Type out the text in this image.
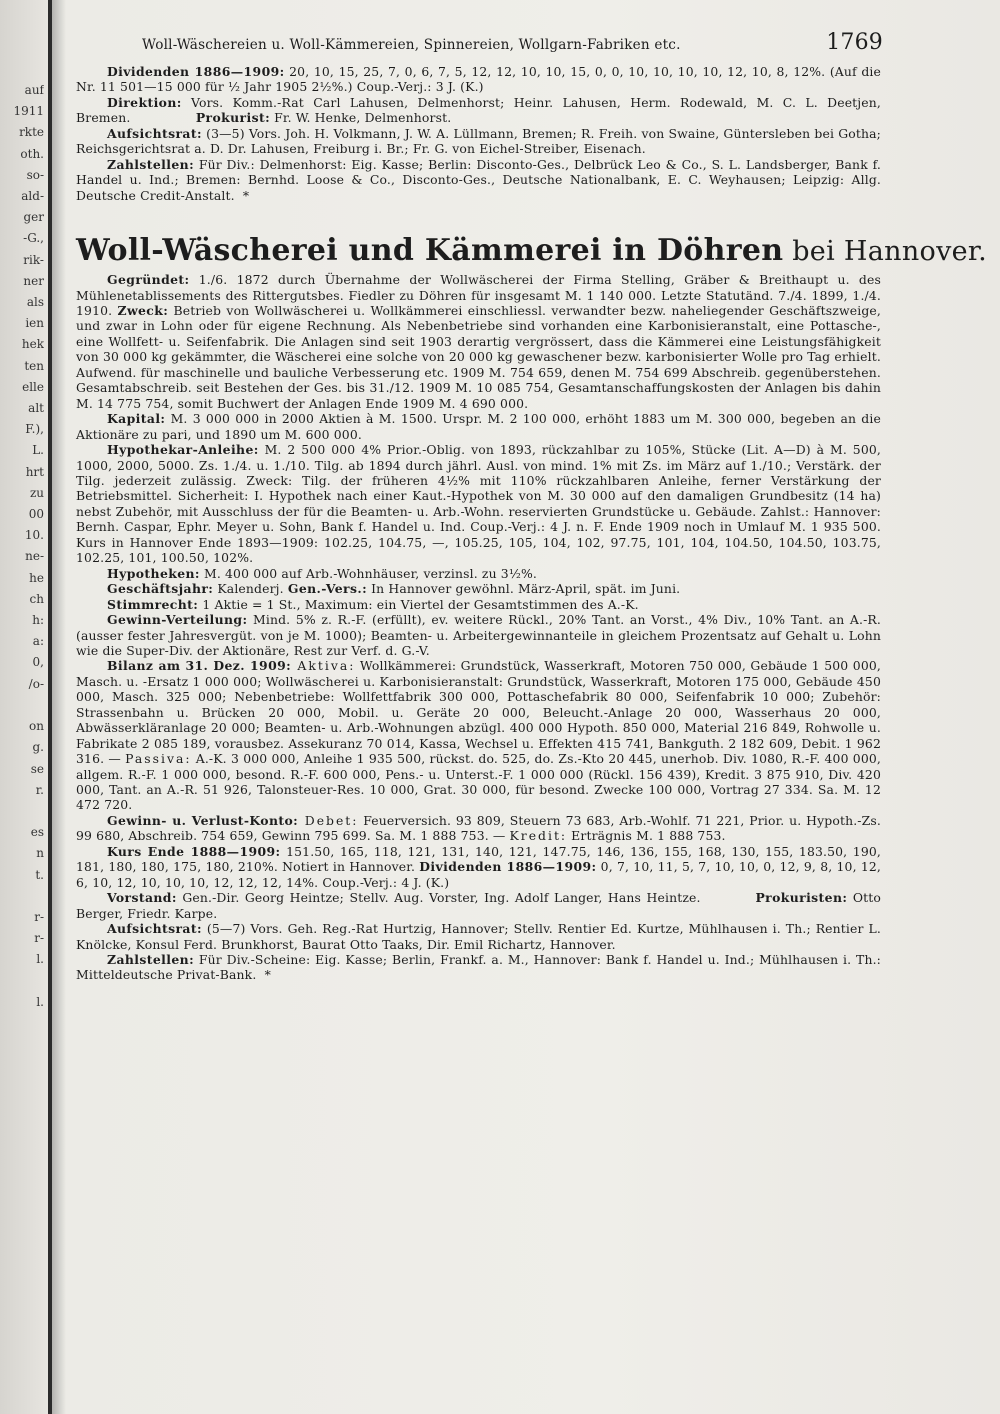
auf
1911
rkte
oth.
so-
ald-
ger
-G.,
rik-
ner
als
ien
hek
ten
elle
alt
F.),
L.
hrt
zu
00
10.
ne-
he
ch
h:
a:
0,
/o-

on
g.
se
r.

es
n
t.

r-
r-
l.

l.

Woll-Wäschereien u. Woll-Kämmereien, Spinnereien, Wollgarn-Fabriken etc.	1769

Dividenden 1886—1909: 20, 10, 15, 25, 7, 0, 6, 7, 5, 12, 12, 10, 10, 15, 0, 0, 10, 10, 10, 10, 12, 10, 8, 12%. (Auf die Nr. 11 501—15 000 für ½ Jahr 1905 2½%.) Coup.-Verj.: 3 J. (K.)

Direktion: Vors. Komm.-Rat Carl Lahusen, Delmenhorst; Heinr. Lahusen, Herm. Rodewald, M. C. L. Deetjen, Bremen.	Prokurist: Fr. W. Henke, Delmenhorst.

Aufsichtsrat: (3—5) Vors. Joh. H. Volkmann, J. W. A. Lüllmann, Bremen; R. Freih. von Swaine, Güntersleben bei Gotha; Reichsgerichtsrat a. D. Dr. Lahusen, Freiburg i. Br.; Fr. G. von Eichel-Streiber, Eisenach.

Zahlstellen: Für Div.: Delmenhorst: Eig. Kasse; Berlin: Disconto-Ges., Delbrück Leo & Co., S. L. Landsberger, Bank f. Handel u. Ind.; Bremen: Bernhd. Loose & Co., Disconto-Ges., Deutsche Nationalbank, E. C. Weyhausen; Leipzig: Allg. Deutsche Credit-Anstalt. *

Woll-Wäscherei und Kämmerei in Döhren bei Hannover.

Gegründet: 1./6. 1872 durch Übernahme der Wollwäscherei der Firma Stelling, Gräber & Breithaupt u. des Mühlenetablissements des Rittergutsbes. Fiedler zu Döhren für insgesamt M. 1 140 000. Letzte Statutänd. 7./4. 1899, 1./4. 1910. Zweck: Betrieb von Wollwäscherei u. Wollkämmerei einschliessl. verwandter bezw. naheliegender Geschäftszweige, und zwar in Lohn oder für eigene Rechnung. Als Nebenbetriebe sind vorhanden eine Karbonisieranstalt, eine Pottasche-, eine Wollfett- u. Seifenfabrik. Die Anlagen sind seit 1903 derartig vergrössert, dass die Kämmerei eine Leistungsfähigkeit von 30 000 kg gekämmter, die Wäscherei eine solche von 20 000 kg gewaschener bezw. karbonisierter Wolle pro Tag erhielt. Aufwend. für maschinelle und bauliche Verbesserung etc. 1909 M. 754 659, denen M. 754 699 Abschreib. gegenüberstehen. Gesamtabschreib. seit Bestehen der Ges. bis 31./12. 1909 M. 10 085 754, Gesamtanschaffungskosten der Anlagen bis dahin M. 14 775 754, somit Buchwert der Anlagen Ende 1909 M. 4 690 000.

Kapital: M. 3 000 000 in 2000 Aktien à M. 1500. Urspr. M. 2 100 000, erhöht 1883 um M. 300 000, begeben an die Aktionäre zu pari, und 1890 um M. 600 000.

Hypothekar-Anleihe: M. 2 500 000 4% Prior.-Oblig. von 1893, rückzahlbar zu 105%, Stücke (Lit. A—D) à M. 500, 1000, 2000, 5000. Zs. 1./4. u. 1./10. Tilg. ab 1894 durch jährl. Ausl. von mind. 1% mit Zs. im März auf 1./10.; Verstärk. der Tilg. jederzeit zulässig. Zweck: Tilg. der früheren 4½% mit 110% rückzahlbaren Anleihe, ferner Verstärkung der Betriebsmittel. Sicherheit: I. Hypothek nach einer Kaut.-Hypothek von M. 30 000 auf den damaligen Grundbesitz (14 ha) nebst Zubehör, mit Ausschluss der für die Beamten- u. Arb.-Wohn. reservierten Grundstücke u. Gebäude. Zahlst.: Hannover: Bernh. Caspar, Ephr. Meyer u. Sohn, Bank f. Handel u. Ind. Coup.-Verj.: 4 J. n. F. Ende 1909 noch in Umlauf M. 1 935 500. Kurs in Hannover Ende 1893—1909: 102.25, 104.75, —, 105.25, 105, 104, 102, 97.75, 101, 104, 104.50, 104.50, 103.75, 102.25, 101, 100.50, 102%.

Hypotheken: M. 400 000 auf Arb.-Wohnhäuser, verzinsl. zu 3½%.

Geschäftsjahr: Kalenderj. Gen.-Vers.: In Hannover gewöhnl. März-April, spät. im Juni.

Stimmrecht: 1 Aktie = 1 St., Maximum: ein Viertel der Gesamtstimmen des A.-K.

Gewinn-Verteilung: Mind. 5% z. R.-F. (erfüllt), ev. weitere Rückl., 20% Tant. an Vorst., 4% Div., 10% Tant. an A.-R. (ausser fester Jahresvergüt. von je M. 1000); Beamten- u. Arbeitergewinnanteile in gleichem Prozentsatz auf Gehalt u. Lohn wie die Super-Div. der Aktionäre, Rest zur Verf. d. G.-V.

Bilanz am 31. Dez. 1909: Aktiva: Wollkämmerei: Grundstück, Wasserkraft, Motoren 750 000, Gebäude 1 500 000, Masch. u. -Ersatz 1 000 000; Wollwäscherei u. Karbonisieranstalt: Grundstück, Wasserkraft, Motoren 175 000, Gebäude 450 000, Masch. 325 000; Nebenbetriebe: Wollfettfabrik 300 000, Pottaschefabrik 80 000, Seifenfabrik 10 000; Zubehör: Strassenbahn u. Brücken 20 000, Mobil. u. Geräte 20 000, Beleucht.-Anlage 20 000, Wasserhaus 20 000, Abwässerkläranlage 20 000; Beamten- u. Arb.-Wohnungen abzügl. 400 000 Hypoth. 850 000, Material 216 849, Rohwolle u. Fabrikate 2 085 189, vorausbez. Assekuranz 70 014, Kassa, Wechsel u. Effekten 415 741, Bankguth. 2 182 609, Debit. 1 962 316. — Passiva: A.-K. 3 000 000, Anleihe 1 935 500, rückst. do. 525, do. Zs.-Kto 20 445, unerhob. Div. 1080, R.-F. 400 000, allgem. R.-F. 1 000 000, besond. R.-F. 600 000, Pens.- u. Unterst.-F. 1 000 000 (Rückl. 156 439), Kredit. 3 875 910, Div. 420 000, Tant. an A.-R. 51 926, Talonsteuer-Res. 10 000, Grat. 30 000, für besond. Zwecke 100 000, Vortrag 27 334. Sa. M. 12 472 720.

Gewinn- u. Verlust-Konto: Debet: Feuerversich. 93 809, Steuern 73 683, Arb.-Wohlf. 71 221, Prior. u. Hypoth.-Zs. 99 680, Abschreib. 754 659, Gewinn 795 699. Sa. M. 1 888 753. — Kredit: Erträgnis M. 1 888 753.

Kurs Ende 1888—1909: 151.50, 165, 118, 121, 131, 140, 121, 147.75, 146, 136, 155, 168, 130, 155, 183.50, 190, 181, 180, 180, 175, 180, 210%. Notiert in Hannover. Dividenden 1886—1909: 0, 7, 10, 11, 5, 7, 10, 10, 0, 12, 9, 8, 10, 12, 6, 10, 12, 10, 10, 10, 12, 12, 12, 14%. Coup.-Verj.: 4 J. (K.)

Vorstand: Gen.-Dir. Georg Heintze; Stellv. Aug. Vorster, Ing. Adolf Langer, Hans Heintze.	Prokuristen: Otto Berger, Friedr. Karpe.

Aufsichtsrat: (5—7) Vors. Geh. Reg.-Rat Hurtzig, Hannover; Stellv. Rentier Ed. Kurtze, Mühlhausen i. Th.; Rentier L. Knölcke, Konsul Ferd. Brunkhorst, Baurat Otto Taaks, Dir. Emil Richartz, Hannover.

Zahlstellen: Für Div.-Scheine: Eig. Kasse; Berlin, Frankf. a. M., Hannover: Bank f. Handel u. Ind.; Mühlhausen i. Th.: Mitteldeutsche Privat-Bank. *
